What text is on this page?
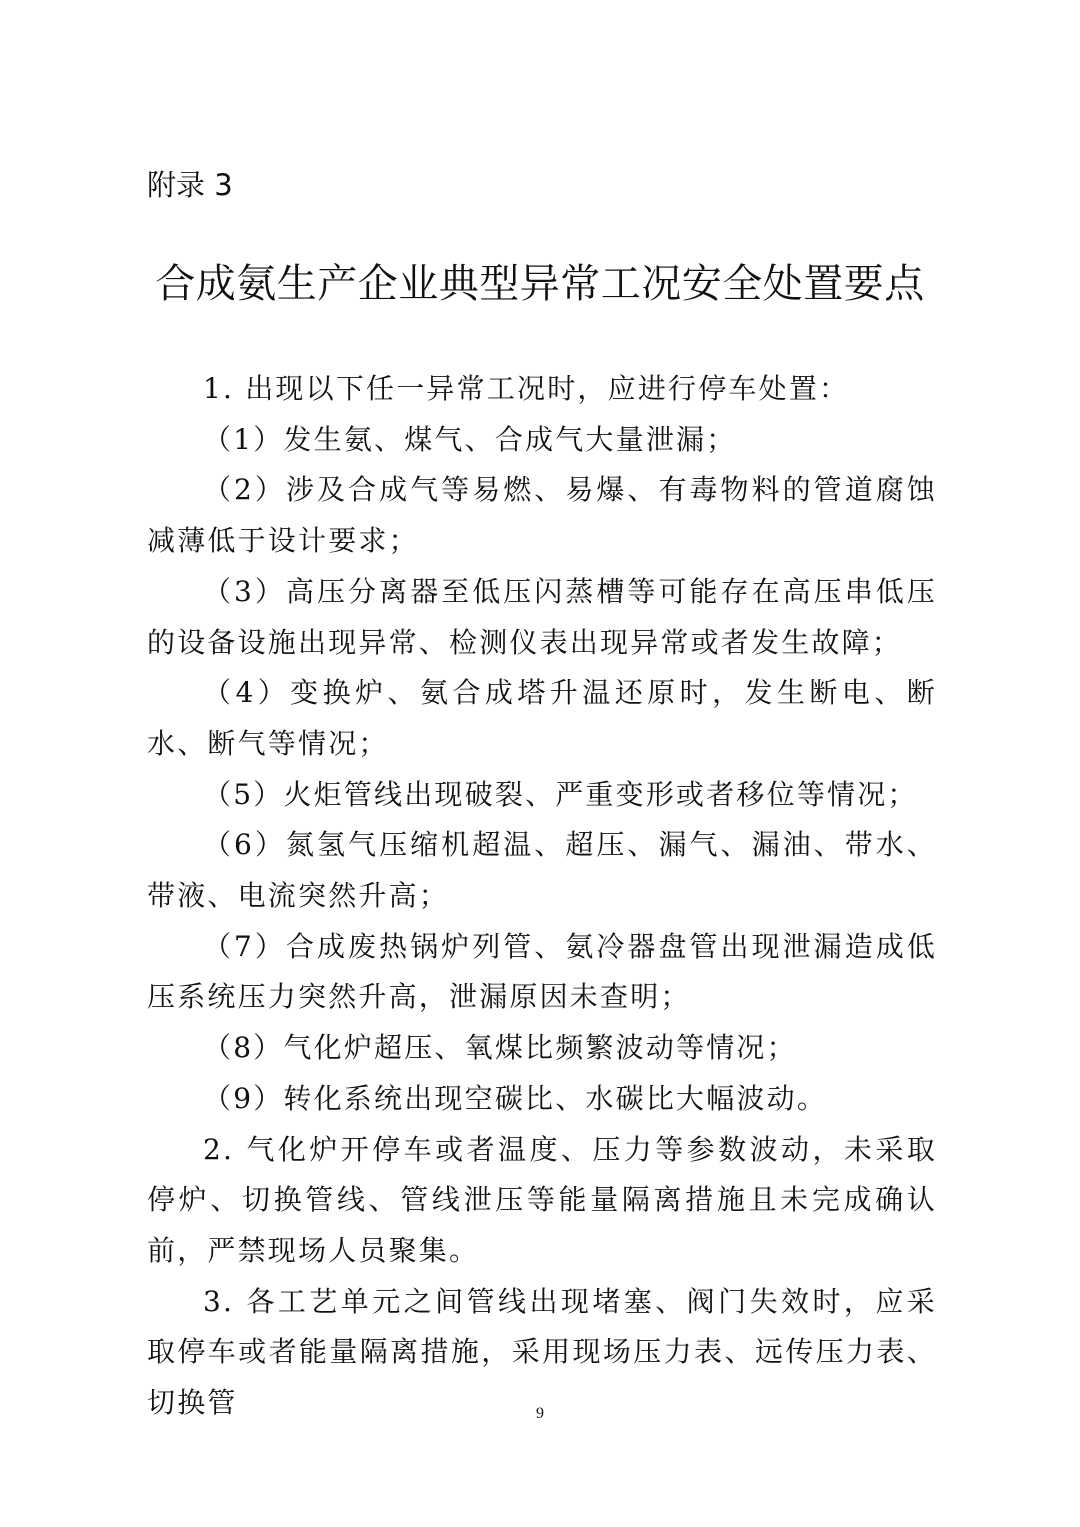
附录 3
合成氨生产企业典型异常工况安全处置要点

1. 出现以下任一异常工况时，应进行停车处置：

（1）发生氨、煤气、合成气大量泄漏；

（2）涉及合成气等易燃、易爆、有毒物料的管道腐蚀减薄低于设计要求；

（3）高压分离器至低压闪蒸槽等可能存在高压串低压的设备设施出现异常、检测仪表出现异常或者发生故障；

（4）变换炉、氨合成塔升温还原时，发生断电、断水、断气等情况；

（5）火炬管线出现破裂、严重变形或者移位等情况；

（6）氮氢气压缩机超温、超压、漏气、漏油、带水、带液、电流突然升高；

（7）合成废热锅炉列管、氨冷器盘管出现泄漏造成低压系统压力突然升高，泄漏原因未查明；

（8）气化炉超压、氧煤比频繁波动等情况；

（9）转化系统出现空碳比、水碳比大幅波动。

2. 气化炉开停车或者温度、压力等参数波动，未采取停炉、切换管线、管线泄压等能量隔离措施且未完成确认前，严禁现场人员聚集。

3. 各工艺单元之间管线出现堵塞、阀门失效时，应采取停车或者能量隔离措施，采用现场压力表、远传压力表、切换管	9
